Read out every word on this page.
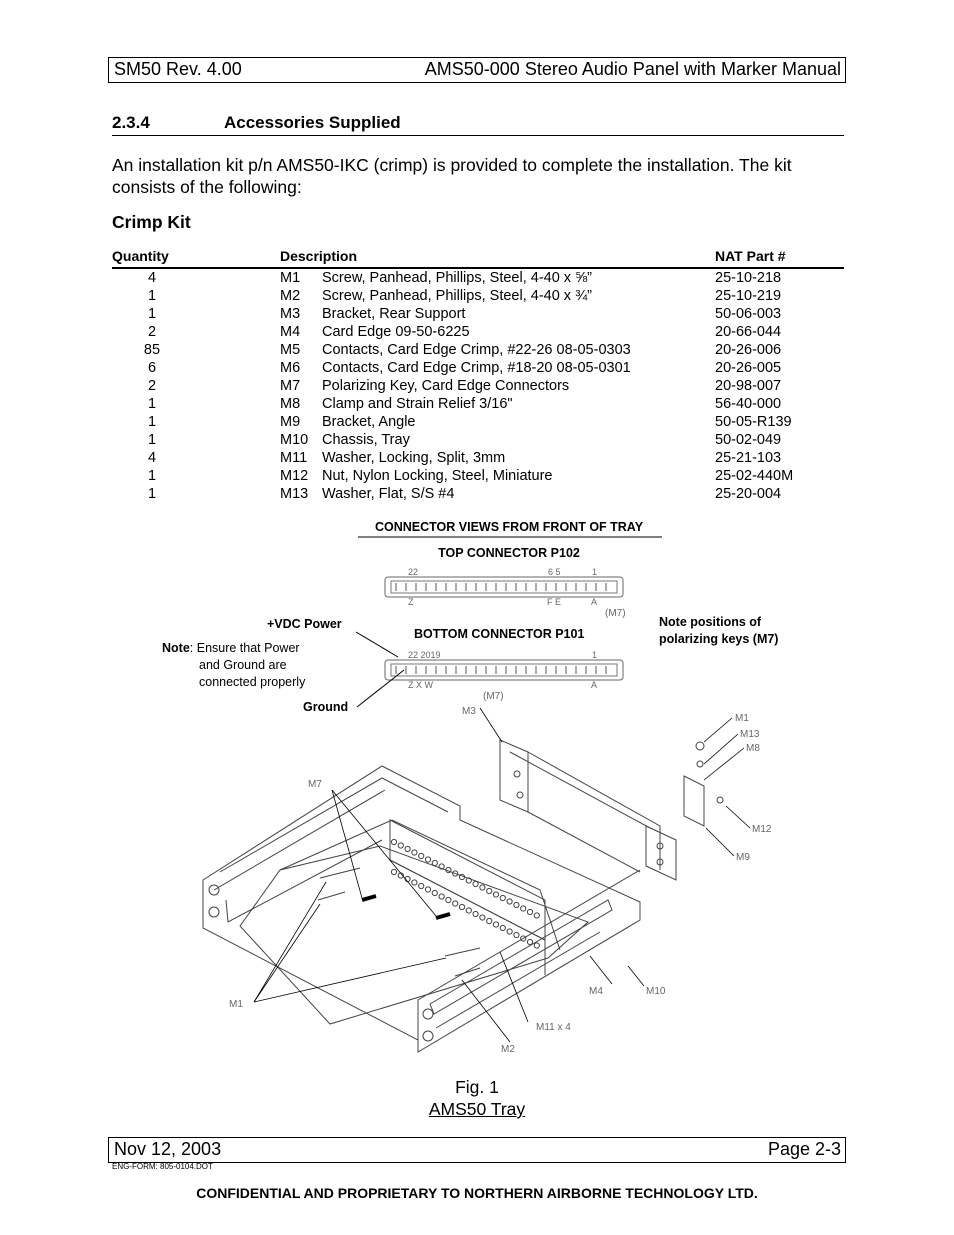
SM50 Rev. 4.00	AMS50-000 Stereo Audio Panel with Marker Manual
2.3.4	Accessories Supplied
An installation kit p/n AMS50-IKC (crimp) is provided to complete the installation. The kit consists of the following:
Crimp Kit
Quantity	Description	NAT Part #
4	M1 Screw, Panhead, Phillips, Steel, 4-40 x ⅝”	25-10-218
1	M2 Screw, Panhead, Phillips, Steel, 4-40 x ¾”	25-10-219
1	M3 Bracket, Rear Support	50-06-003
2	M4 Card Edge 09-50-6225	20-66-044
85	M5 Contacts, Card Edge Crimp, #22-26 08-05-0303	20-26-006
6	M6 Contacts, Card Edge Crimp, #18-20 08-05-0301	20-26-005
2	M7 Polarizing Key, Card Edge Connectors	20-98-007
1	M8 Clamp and Strain Relief 3/16"	56-40-000
1	M9 Bracket, Angle	50-05-R139
1	M10 Chassis, Tray	50-02-049
4	M11 Washer, Locking, Split, 3mm	25-21-103
1	M12 Nut, Nylon Locking, Steel, Miniature	25-02-440M
1	M13 Washer, Flat, S/S #4	25-20-004
CONNECTOR VIEWS FROM FRONT OF TRAY
TOP CONNECTOR P102
22	6 5	1
Z	F E	A
(M7)
BOTTOM CONNECTOR P101
22 2019	1
Z X W	A
(M7)
+VDC Power
Note: Ensure that Power
and Ground are
connected properly
Ground
Note positions of
polarizing keys (M7)
M3
M7
M1
M13
M8
M12
M9
M1
M4	M10
M11 x 4
M2
Fig. 1
AMS50 Tray
Nov 12, 2003	Page 2-3
ENG-FORM: 805-0104.DOT
CONFIDENTIAL AND PROPRIETARY TO NORTHERN AIRBORNE TECHNOLOGY LTD.
